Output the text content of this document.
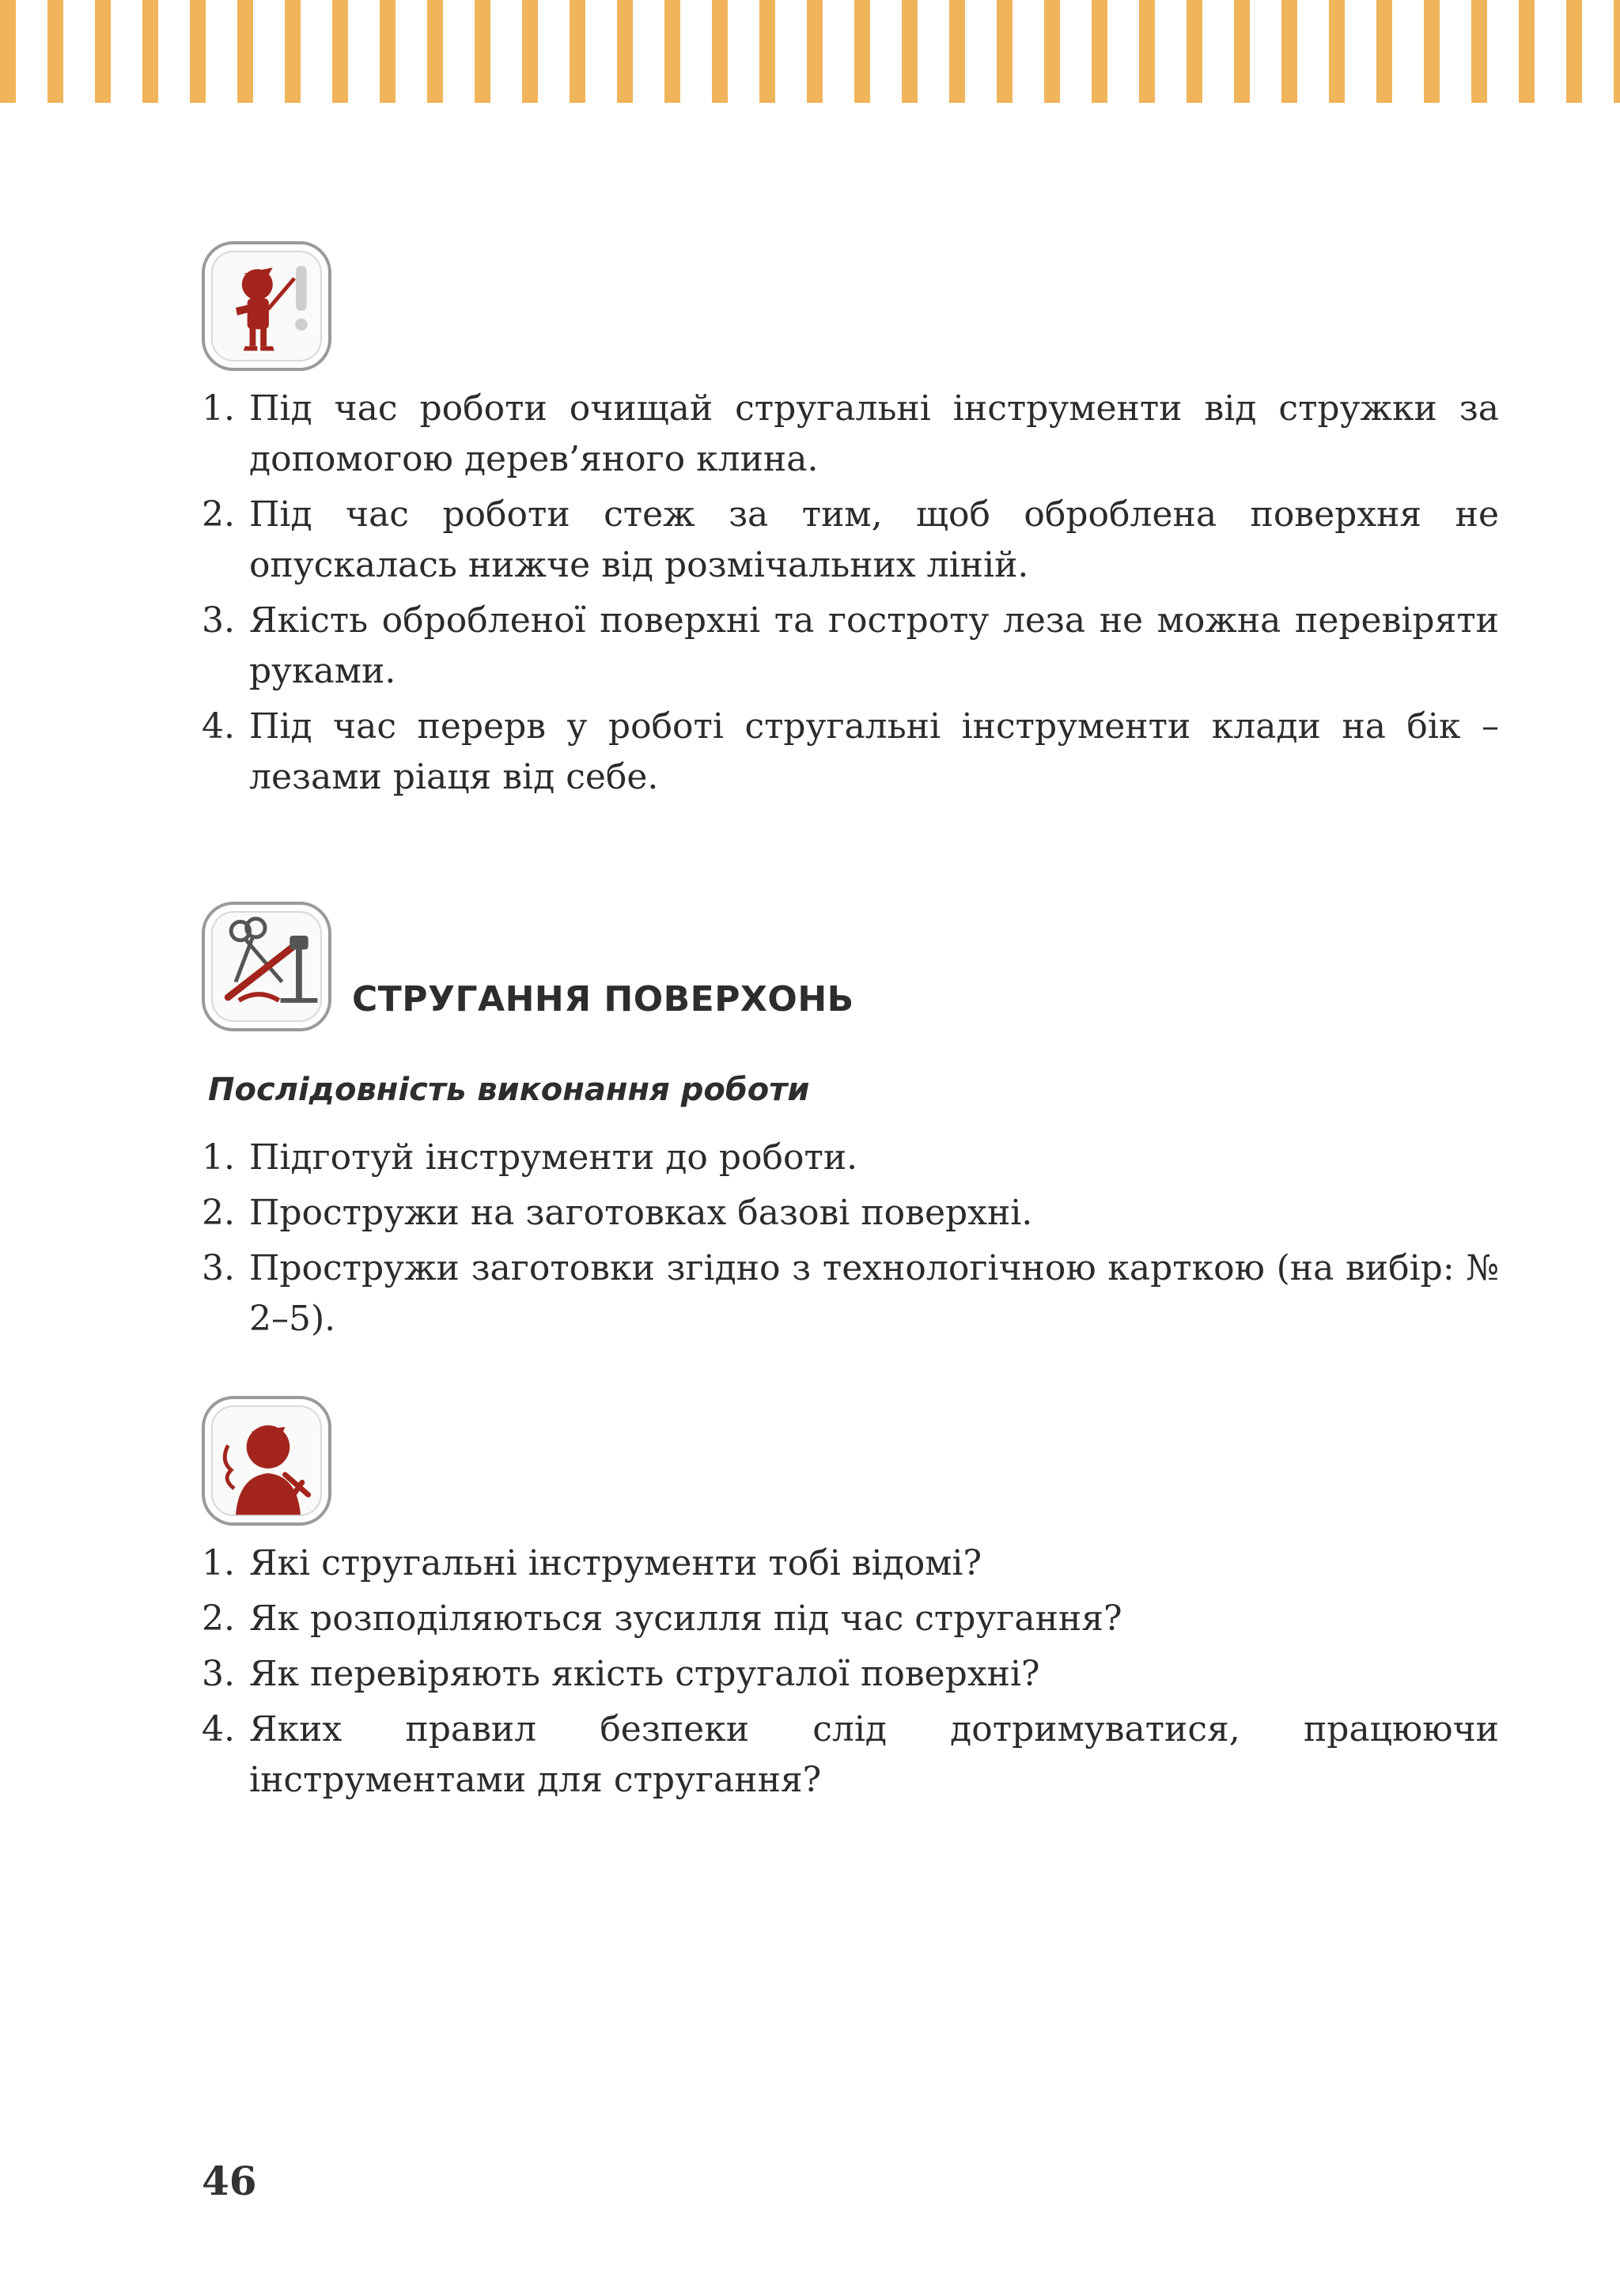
1. Під час роботи очищай стругальні інструменти від стружки за допомогою дерев’яного клина.
2. Під час роботи стеж за тим, щоб оброблена поверхня не опускалась нижче від розмічальних ліній.
3. Якість обробленої поверхні та гостроту леза не можна перевіряти руками.
4. Під час перерв у роботі стругальні інструменти клади на бік – лезами ріаця від себе.
СТРУГАННЯ ПОВЕРХОНЬ
Послідовність виконання роботи
1. Підготуй інструменти до роботи.
2. Простружи на заготовках базові поверхні.
3. Простружи заготовки згідно з технологічною карткою (на вибір: № 2–5).
1. Які стругальні інструменти тобі відомі?
2. Як розподіляються зусилля під час стругання?
3. Як перевіряють якість стругалої поверхні?
4. Яких правил безпеки слід дотримуватися, працюючи інструментами для стругання?
46
